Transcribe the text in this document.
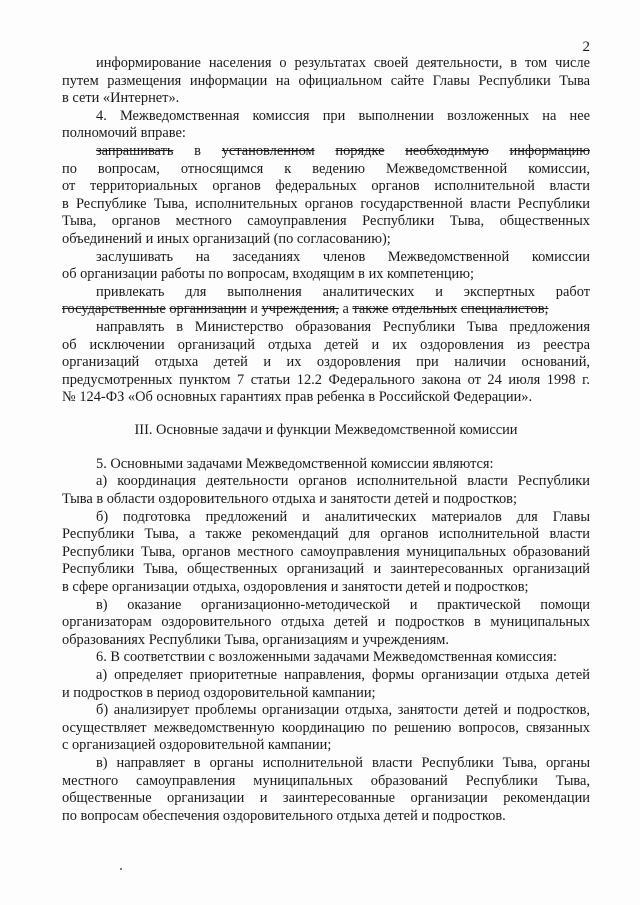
2

информирование населения о результатах своей деятельности, в том числе
путем размещения информации на официальном сайте Главы Республики Тыва
в сети «Интернет».

4. Межведомственная комиссия при выполнении возложенных на нее
полномочий вправе:

запрашивать в установленном порядке необходимую информацию
по вопросам, относящимся к ведению Межведомственной комиссии,
от территориальных органов федеральных органов исполнительной власти
в Республике Тыва, исполнительных органов государственной власти Республики
Тыва, органов местного самоуправления Республики Тыва, общественных
объединений и иных организаций (по согласованию);

заслушивать на заседаниях членов Межведомственной комиссии
об организации работы по вопросам, входящим в их компетенцию;

привлекать для выполнения аналитических и экспертных работ
государственные организации и учреждения, а также отдельных специалистов;

направлять в Министерство образования Республики Тыва предложения
об исключении организаций отдыха детей и их оздоровления из реестра
организаций отдыха детей и их оздоровления при наличии оснований,
предусмотренных пунктом 7 статьи 12.2 Федерального закона от 24 июля 1998 г.
№ 124-ФЗ «Об основных гарантиях прав ребенка в Российской Федерации».

III. Основные задачи и функции Межведомственной комиссии

5. Основными задачами Межведомственной комиссии являются:

а) координация деятельности органов исполнительной власти Республики
Тыва в области оздоровительного отдыха и занятости детей и подростков;

б) подготовка предложений и аналитических материалов для Главы
Республики Тыва, а также рекомендаций для органов исполнительной власти
Республики Тыва, органов местного самоуправления муниципальных образований
Республики Тыва, общественных организаций и заинтересованных организаций
в сфере организации отдыха, оздоровления и занятости детей и подростков;

в) оказание организационно-методической и практической помощи
организаторам оздоровительного отдыха детей и подростков в муниципальных
образованиях Республики Тыва, организациям и учреждениям.

6. В соответствии с возложенными задачами Межведомственная комиссия:

а) определяет приоритетные направления, формы организации отдыха детей
и подростков в период оздоровительной кампании;

б) анализирует проблемы организации отдыха, занятости детей и подростков,
осуществляет межведомственную координацию по решению вопросов, связанных
с организацией оздоровительной кампании;

в) направляет в органы исполнительной власти Республики Тыва, органы
местного самоуправления муниципальных образований Республики Тыва,
общественные организации и заинтересованные организации рекомендации
по вопросам обеспечения оздоровительного отдыха детей и подростков.
